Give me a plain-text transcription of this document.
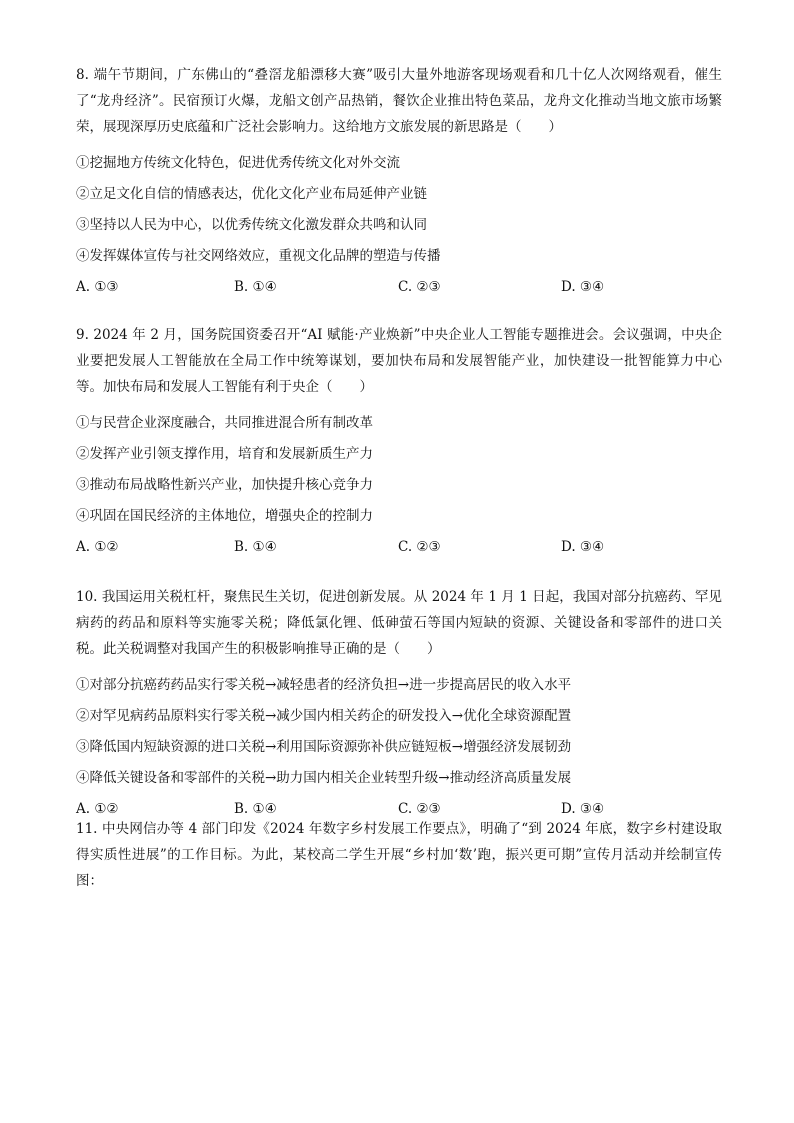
8. 端午节期间，广东佛山的“叠滘龙船漂移大赛”吸引大量外地游客现场观看和几十亿人次网络观看，催生了“龙舟经济”。民宿预订火爆，龙船文创产品热销，餐饮企业推出特色菜品，龙舟文化推动当地文旅市场繁荣，展现深厚历史底蕴和广泛社会影响力。这给地方文旅发展的新思路是（　　）

①挖掘地方传统文化特色，促进优秀传统文化对外交流
②立足文化自信的情感表达，优化文化产业布局延伸产业链
③坚持以人民为中心，以优秀传统文化激发群众共鸣和认同
④发挥媒体宣传与社交网络效应，重视文化品牌的塑造与传播
A. ①③	B. ①④	C. ②③	D. ③④

9. 2024 年 2 月，国务院国资委召开“AI 赋能·产业焕新”中央企业人工智能专题推进会。会议强调，中央企业要把发展人工智能放在全局工作中统筹谋划，要加快布局和发展智能产业，加快建设一批智能算力中心等。加快布局和发展人工智能有利于央企（　　）

①与民营企业深度融合，共同推进混合所有制改革
②发挥产业引领支撑作用，培育和发展新质生产力
③推动布局战略性新兴产业，加快提升核心竞争力
④巩固在国民经济的主体地位，增强央企的控制力
A. ①②	B. ①④	C. ②③	D. ③④

10. 我国运用关税杠杆，聚焦民生关切，促进创新发展。从 2024 年 1 月 1 日起，我国对部分抗癌药、罕见病药的药品和原料等实施零关税；降低氯化锂、低砷萤石等国内短缺的资源、关键设备和零部件的进口关税。此关税调整对我国产生的积极影响推导正确的是（　　）

①对部分抗癌药药品实行零关税→减轻患者的经济负担→进一步提高居民的收入水平
②对罕见病药品原料实行零关税→减少国内相关药企的研发投入→优化全球资源配置
③降低国内短缺资源的进口关税→利用国际资源弥补供应链短板→增强经济发展韧劲
④降低关键设备和零部件的关税→助力国内相关企业转型升级→推动经济高质量发展
A. ①②	B. ①④	C. ②③	D. ③④

11. 中央网信办等 4 部门印发《2024 年数字乡村发展工作要点》，明确了“到 2024 年底，数字乡村建设取得实质性进展”的工作目标。为此，某校高二学生开展“乡村加‘数’跑，振兴更可期”宣传月活动并绘制宣传图：
